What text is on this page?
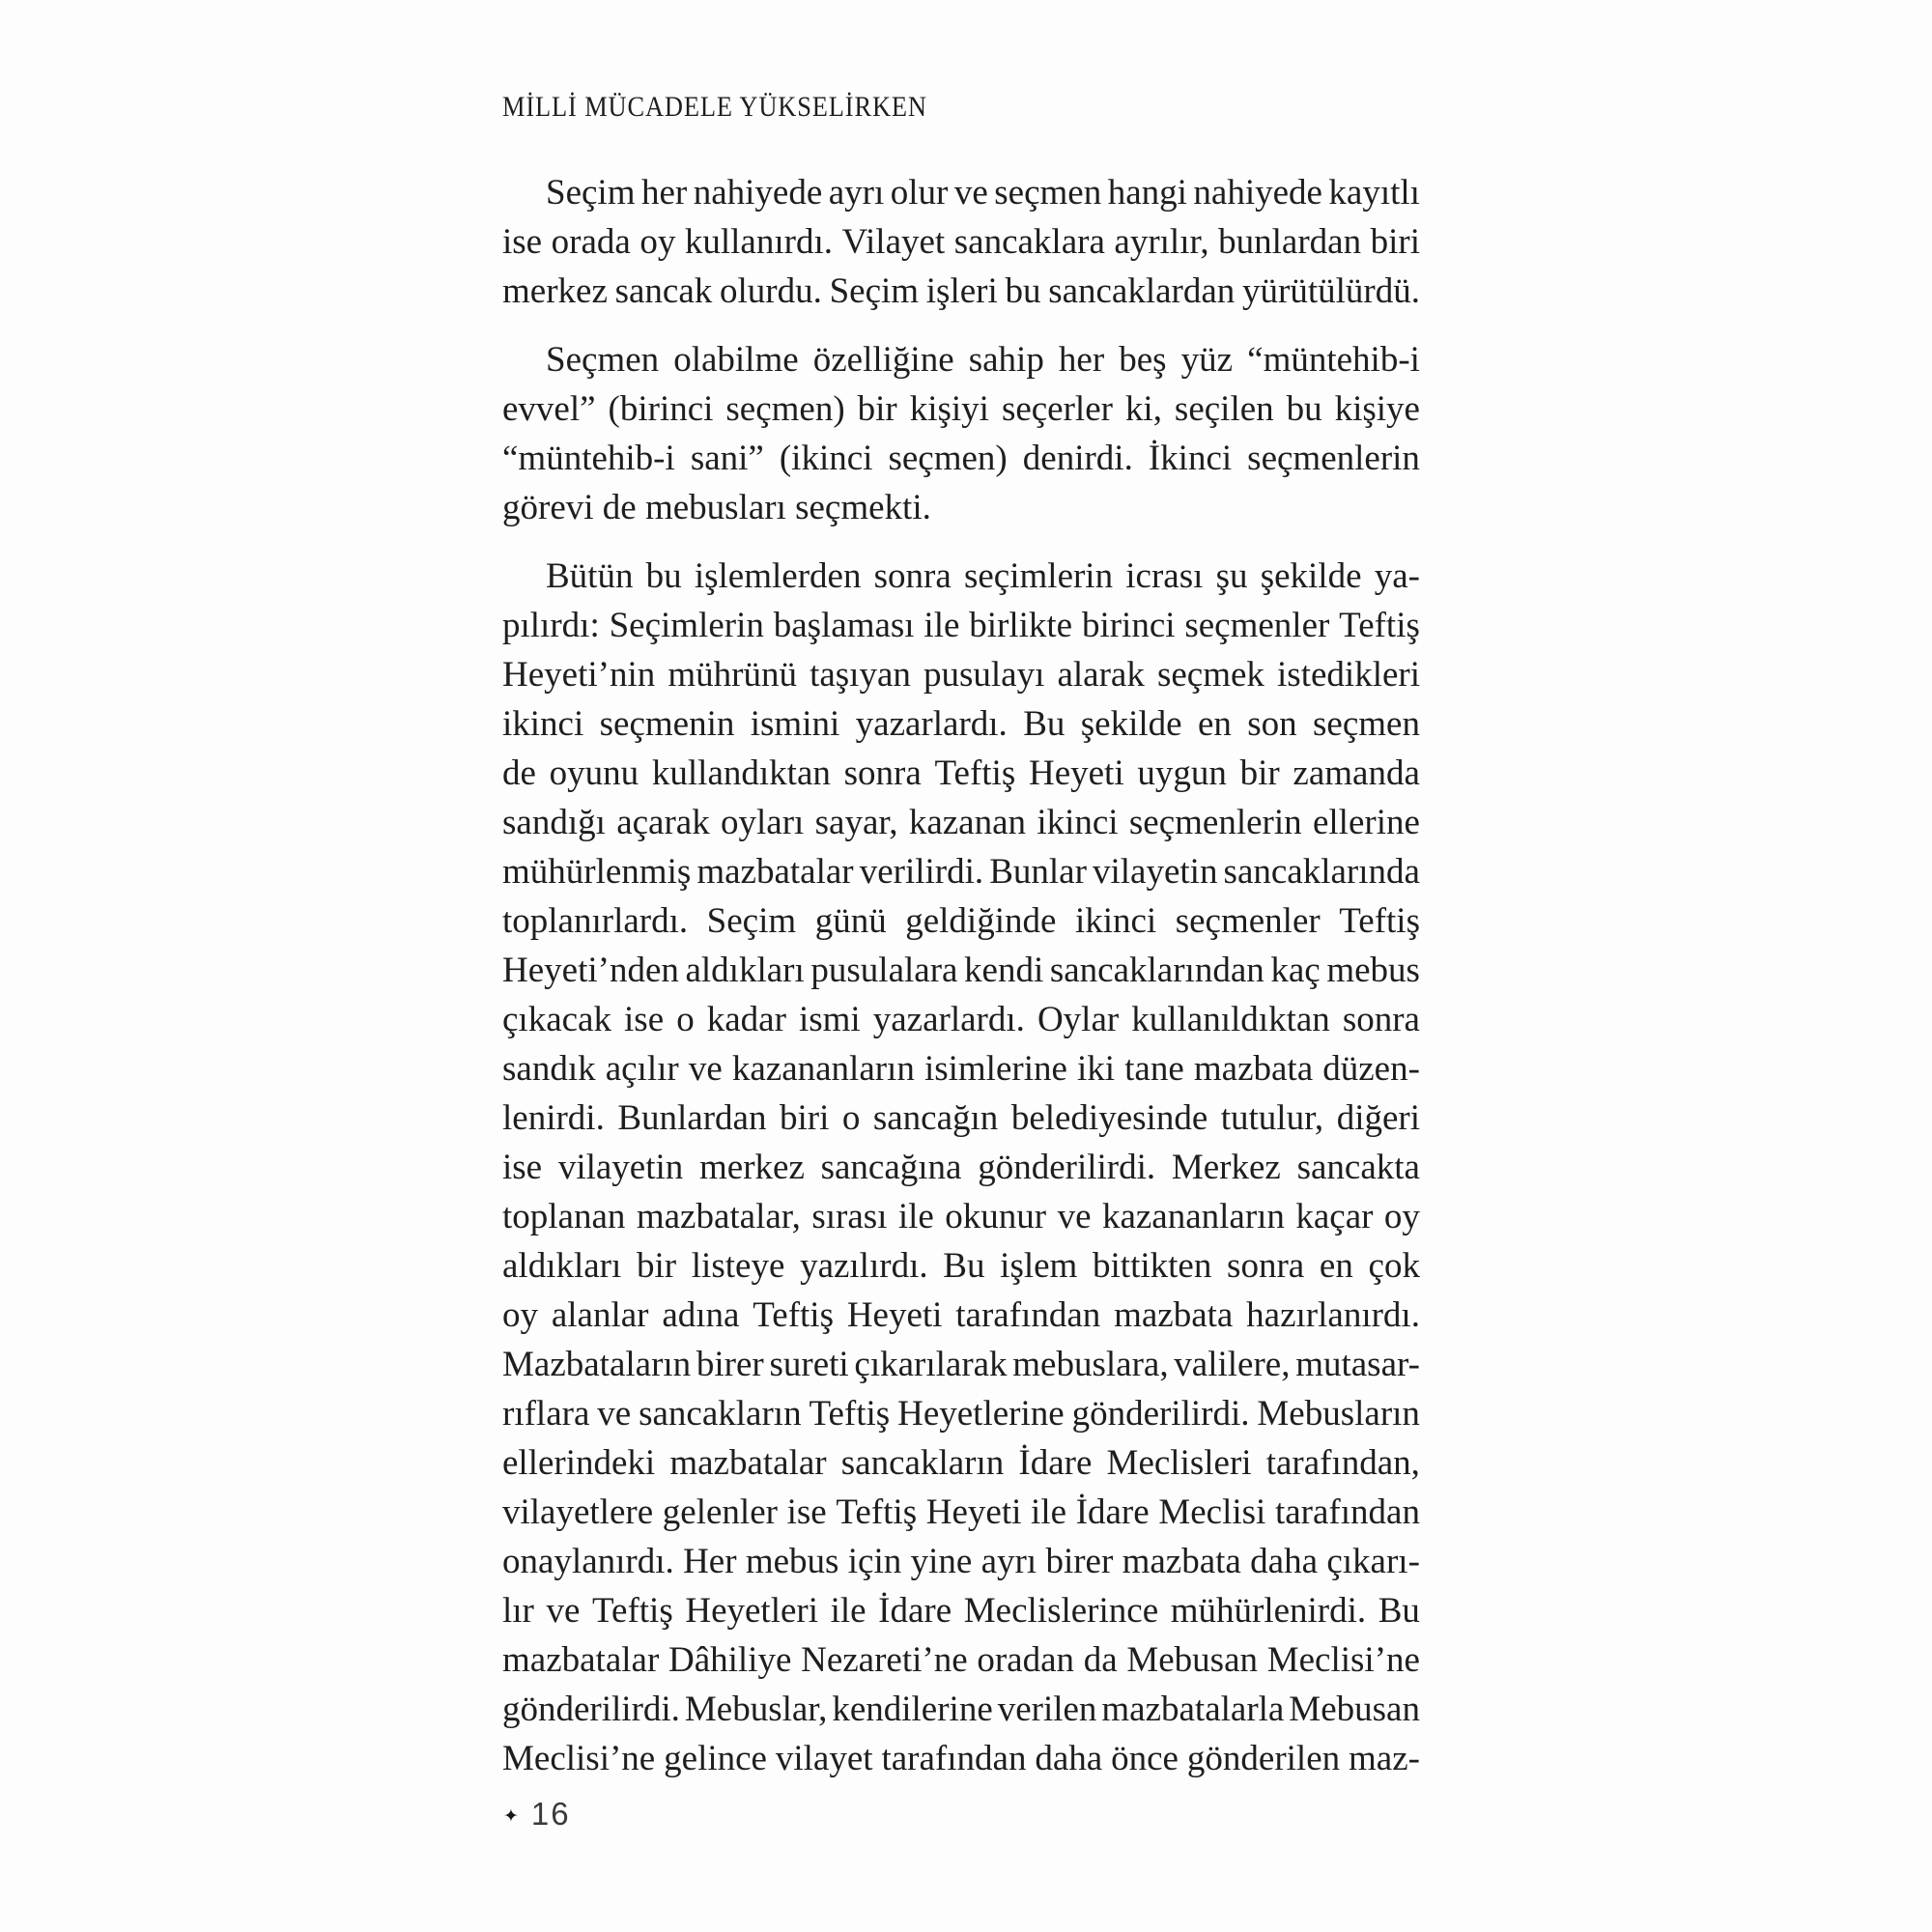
MİLLİ MÜCADELE YÜKSELİRKEN
Seçim her nahiyede ayrı olur ve seçmen hangi nahiyede kayıtlı
ise orada oy kullanırdı. Vilayet sancaklara ayrılır, bunlardan biri
merkez sancak olurdu. Seçim işleri bu sancaklardan yürütülürdü.
Seçmen olabilme özelliğine sahip her beş yüz “müntehib-i
evvel” (birinci seçmen) bir kişiyi seçerler ki, seçilen bu kişiye
“müntehib-i sani” (ikinci seçmen) denirdi. İkinci seçmenlerin
görevi de mebusları seçmekti.
Bütün bu işlemlerden sonra seçimlerin icrası şu şekilde ya-
pılırdı: Seçimlerin başlaması ile birlikte birinci seçmenler Teftiş
Heyeti’nin mührünü taşıyan pusulayı alarak seçmek istedikleri
ikinci seçmenin ismini yazarlardı. Bu şekilde en son seçmen
de oyunu kullandıktan sonra Teftiş Heyeti uygun bir zamanda
sandığı açarak oyları sayar, kazanan ikinci seçmenlerin ellerine
mühürlenmiş mazbatalar verilirdi. Bunlar vilayetin sancaklarında
toplanırlardı. Seçim günü geldiğinde ikinci seçmenler Teftiş
Heyeti’nden aldıkları pusulalara kendi sancaklarından kaç mebus
çıkacak ise o kadar ismi yazarlardı. Oylar kullanıldıktan sonra
sandık açılır ve kazananların isimlerine iki tane mazbata düzen-
lenirdi. Bunlardan biri o sancağın belediyesinde tutulur, diğeri
ise vilayetin merkez sancağına gönderilirdi. Merkez sancakta
toplanan mazbatalar, sırası ile okunur ve kazananların kaçar oy
aldıkları bir listeye yazılırdı. Bu işlem bittikten sonra en çok
oy alanlar adına Teftiş Heyeti tarafından mazbata hazırlanırdı.
Mazbataların birer sureti çıkarılarak mebuslara, valilere, mutasar-
rıflara ve sancakların Teftiş Heyetlerine gönderilirdi. Mebusların
ellerindeki mazbatalar sancakların İdare Meclisleri tarafından,
vilayetlere gelenler ise Teftiş Heyeti ile İdare Meclisi tarafından
onaylanırdı. Her mebus için yine ayrı birer mazbata daha çıkarı-
lır ve Teftiş Heyetleri ile İdare Meclislerince mühürlenirdi. Bu
mazbatalar Dâhiliye Nezareti’ne oradan da Mebusan Meclisi’ne
gönderilirdi. Mebuslar, kendilerine verilen mazbatalarla Mebusan
Meclisi’ne gelince vilayet tarafından daha önce gönderilen maz-
✦ 16
